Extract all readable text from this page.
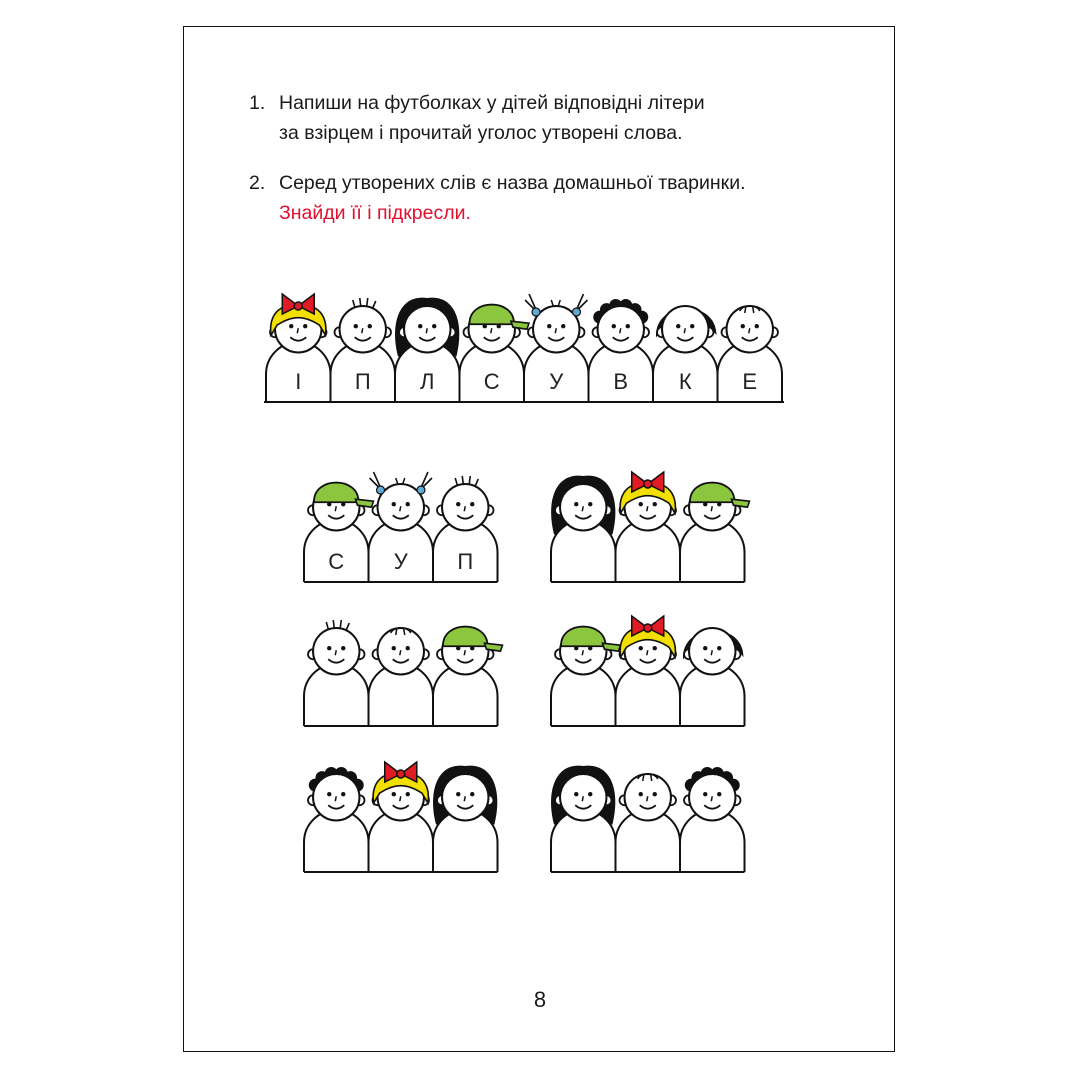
1. Напиши на футболках у дітей відповідні літери
за взірцем і прочитай уголос утворені слова.
2. Серед утворених слів є назва домашньої тваринки.
Знайди її і підкресли.
І П Л С У В К Е
С У П
8
